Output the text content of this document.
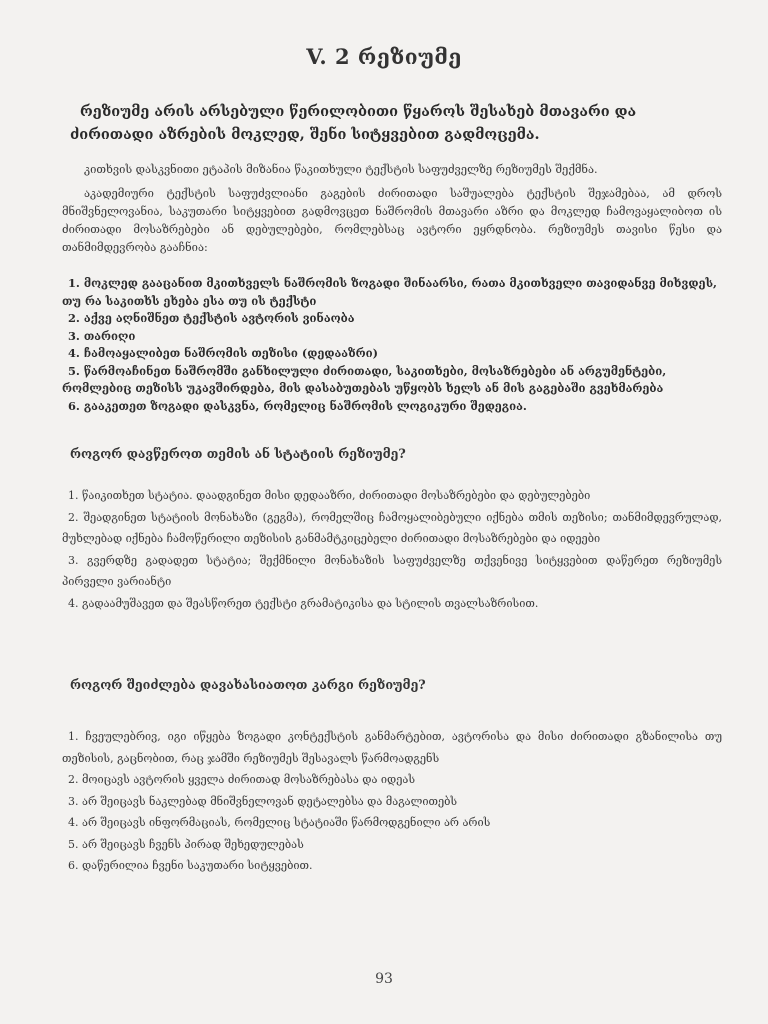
V. 2 რეზიუმე
რეზიუმე არის არსებული წერილობითი წყაროს შესახებ მთავარი და ძირითადი აზრების მოკლედ, შენი სიტყვებით გადმოცემა.
კითხვის დასკვნითი ეტაპის მიზანია წაკითხული ტექსტის საფუძველზე რეზიუმეს შექმნა.
აკადემიური ტექსტის საფუძვლიანი გაგების ძირითადი საშუალება ტექსტის შეჯამებაა, ამ დროს მნიშვნელოვანია, საკუთარი სიტყვებით გადმოვცეთ ნაშრომის მთავარი აზრი და მოკლედ ჩამოვაყალიბოთ ის ძირითადი მოსაზრებები ან დებულებები, რომლებსაც ავტორი ეყრდნობა. რეზიუმეს თავისი წესი და თანმიმდევრობა გააჩნია:
1. მოკლედ გააცანით მკითხველს ნაშრომის ზოგადი შინაარსი, რათა მკითხველი თავიდანვე მიხვდეს, თუ რა საკითხს ეხება ესა თუ ის ტექსტი
2. აქვე აღნიშნეთ ტექსტის ავტორის ვინაობა
3. თარიღი
4. ჩამოაყალიბეთ ნაშრომის თეზისი (დედააზრი)
5. წარმოაჩინეთ ნაშრომში განხილული ძირითადი, საკითხები, მოსაზრებები ან არგუმენტები, რომლებიც თეზისს უკავშირდება, მის დასაბუთებას უწყობს ხელს ან მის გაგებაში გვეხმარება
6. გააკეთეთ ზოგადი დასკვნა, რომელიც ნაშრომის ლოგიკური შედეგია.
როგორ დავწეროთ თემის ან სტატიის რეზიუმე?
1. წაიკითხეთ სტატია. დაადგინეთ მისი დედააზრი, ძირითადი მოსაზრებები და დებულებები
2. შეადგინეთ სტატიის მონახაზი (გეგმა), რომელშიც ჩამოყალიბებული იქნება თმის თეზისი; თანმიმდევრულად, მუხლებად იქნება ჩამოწერილი თეზისის განმამტკიცებელი ძირითადი მოსაზრებები და იდეები
3. გვერდზე გადადეთ სტატია; შექმნილი მონახაზის საფუძველზე თქვენივე სიტყვებით დაწერეთ რეზიუმეს პირველი ვარიანტი
4. გადაამუშავეთ და შეასწორეთ ტექსტი გრამატიკისა და სტილის თვალსაზრისით.
როგორ შეიძლება დავახასიათოთ კარგი რეზიუმე?
1. ჩვეულებრივ, იგი იწყება ზოგადი კონტექსტის განმარტებით, ავტორისა და მისი ძირითადი გზანილისა თუ თეზისის, გაცნობით, რაც ჯამში რეზიუმეს შესავალს წარმოადგენს
2. მოიცავს ავტორის ყველა ძირითად მოსაზრებასა და იდეას
3. არ შეიცავს ნაკლებად მნიშვნელოვან დეტალებსა და მაგალითებს
4. არ შეიცავს ინფორმაციას, რომელიც სტატიაში წარმოდგენილი არ არის
5. არ შეიცავს ჩვენს პირად შეხედულებას
6. დაწერილია ჩვენი საკუთარი სიტყვებით.
93
